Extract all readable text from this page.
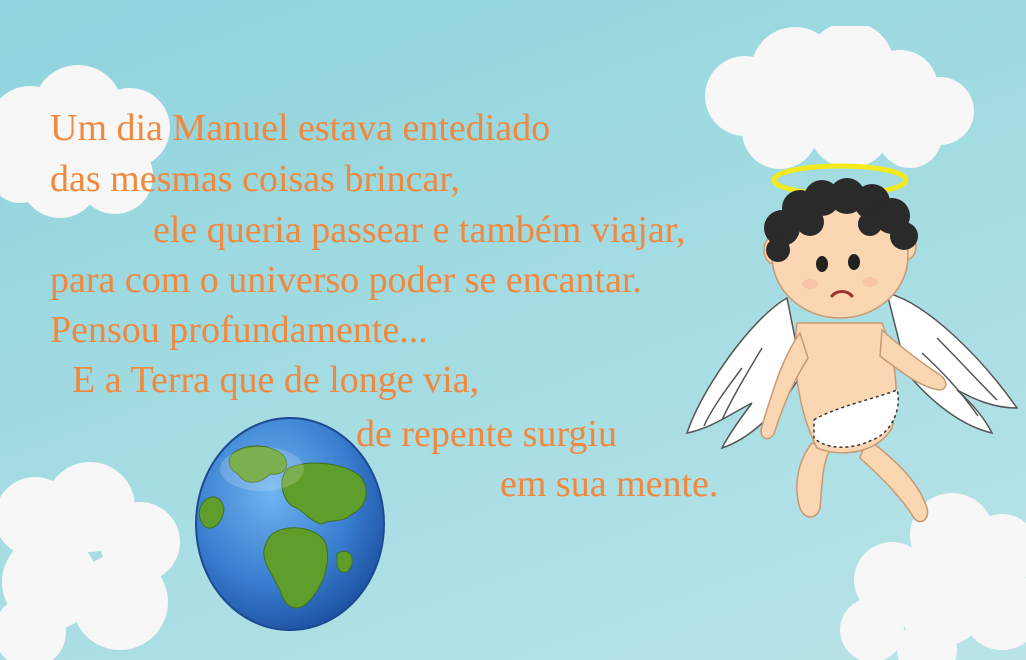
Um dia Manuel estava entediado
das mesmas coisas brincar,
ele queria passear e também viajar,
para com o universo poder se encantar.
Pensou profundamente...
E a Terra que de longe via,
de repente surgiu
em sua mente.
